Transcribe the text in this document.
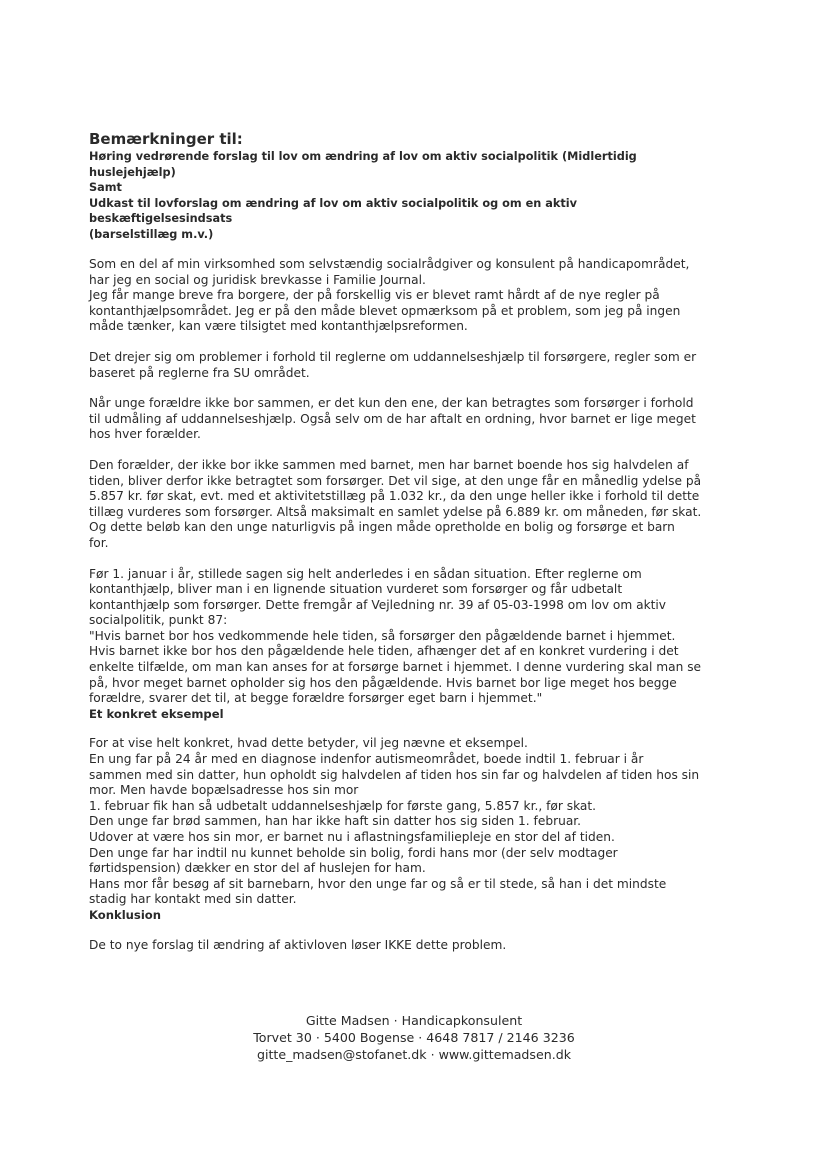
Bemærkninger til:

Høring vedrørende forslag til lov om ændring af lov om aktiv socialpolitik (Midlertidig huslejehjælp)

Samt

Udkast til lovforslag om ændring af lov om aktiv socialpolitik og om en aktiv beskæftigelsesindsats

(barselstillæg m.v.)

Som en del af min virksomhed som selvstændig socialrådgiver og konsulent på handicapområdet,
har jeg en social og juridisk brevkasse i Familie Journal.
Jeg får mange breve fra borgere, der på forskellig vis er blevet ramt hårdt af de nye regler på
kontanthjælpsområdet. Jeg er på den måde blevet opmærksom på et problem, som jeg på ingen
måde tænker, kan være tilsigtet med kontanthjælpsreformen.
Det drejer sig om problemer i forhold til reglerne om uddannelseshjælp til forsørgere, regler som er
baseret på reglerne fra SU området.
Når unge forældre ikke bor sammen, er det kun den ene, der kan betragtes som forsørger i forhold
til udmåling af uddannelseshjælp. Også selv om de har aftalt en ordning, hvor barnet er lige meget
hos hver forælder.
Den forælder, der ikke bor ikke sammen med barnet, men har barnet boende hos sig halvdelen af
tiden, bliver derfor ikke betragtet som forsørger. Det vil sige, at den unge får en månedlig ydelse på
5.857 kr. før skat, evt. med et aktivitetstillæg på 1.032 kr., da den unge heller ikke i forhold til dette
tillæg vurderes som forsørger. Altså maksimalt en samlet ydelse på 6.889 kr. om måneden, før skat.
Og dette beløb kan den unge naturligvis på ingen måde opretholde en bolig og forsørge et barn
for.
Før 1. januar i år, stillede sagen sig helt anderledes i en sådan situation. Efter reglerne om
kontanthjælp, bliver man i en lignende situation vurderet som forsørger og får udbetalt
kontanthjælp som forsørger. Dette fremgår af Vejledning nr. 39 af 05-03-1998 om lov om aktiv
socialpolitik, punkt 87:
"Hvis barnet bor hos vedkommende hele tiden, så forsørger den pågældende barnet i hjemmet.
Hvis barnet ikke bor hos den pågældende hele tiden, afhænger det af en konkret vurdering i det
enkelte tilfælde, om man kan anses for at forsørge barnet i hjemmet. I denne vurdering skal man se
på, hvor meget barnet opholder sig hos den pågældende. Hvis barnet bor lige meget hos begge
forældre, svarer det til, at begge forældre forsørger eget barn i hjemmet."

Et konkret eksempel

For at vise helt konkret, hvad dette betyder, vil jeg nævne et eksempel.
En ung far på 24 år med en diagnose indenfor autismeområdet, boede indtil 1. februar i år
sammen med sin datter, hun opholdt sig halvdelen af tiden hos sin far og halvdelen af tiden hos sin
mor. Men havde bopælsadresse hos sin mor
1. februar fik han så udbetalt uddannelseshjælp for første gang, 5.857 kr., før skat.
Den unge far brød sammen, han har ikke haft sin datter hos sig siden 1. februar.
Udover at være hos sin mor, er barnet nu i aflastningsfamiliepleje en stor del af tiden.
Den unge far har indtil nu kunnet beholde sin bolig, fordi hans mor (der selv modtager
førtidspension) dækker en stor del af huslejen for ham.
Hans mor får besøg af sit barnebarn, hvor den unge far og så er til stede, så han i det mindste
stadig har kontakt med sin datter.

Konklusion

De to nye forslag til ændring af aktivloven løser IKKE dette problem.

Gitte Madsen · Handicapkonsulent
Torvet 30 · 5400 Bogense · 4648 7817 / 2146 3236
gitte_madsen@stofanet.dk · www.gittemadsen.dk
